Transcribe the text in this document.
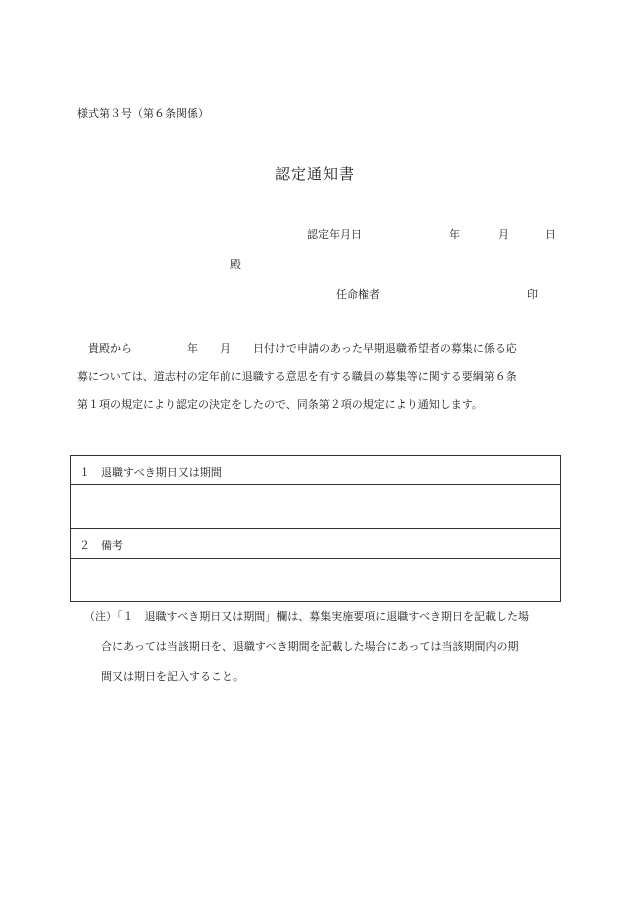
様式第３号（第６条関係）
認定通知書
認定年月日	年	月	日
殿
任命権者	印
　貴殿から　　　　　年　　月　　日付けで申請のあった早期退職希望者の募集に係る応
募については、道志村の定年前に退職する意思を有する職員の募集等に関する要綱第６条
第１項の規定により認定の決定をしたので、同条第２項の規定により通知します。
１　退職すべき期日又は期間
２　備考
（注）「１　退職すべき期日又は期間」欄は、募集実施要項に退職すべき期日を記載した場
合にあっては当該期日を、退職すべき期間を記載した場合にあっては当該期間内の期
間又は期日を記入すること。
